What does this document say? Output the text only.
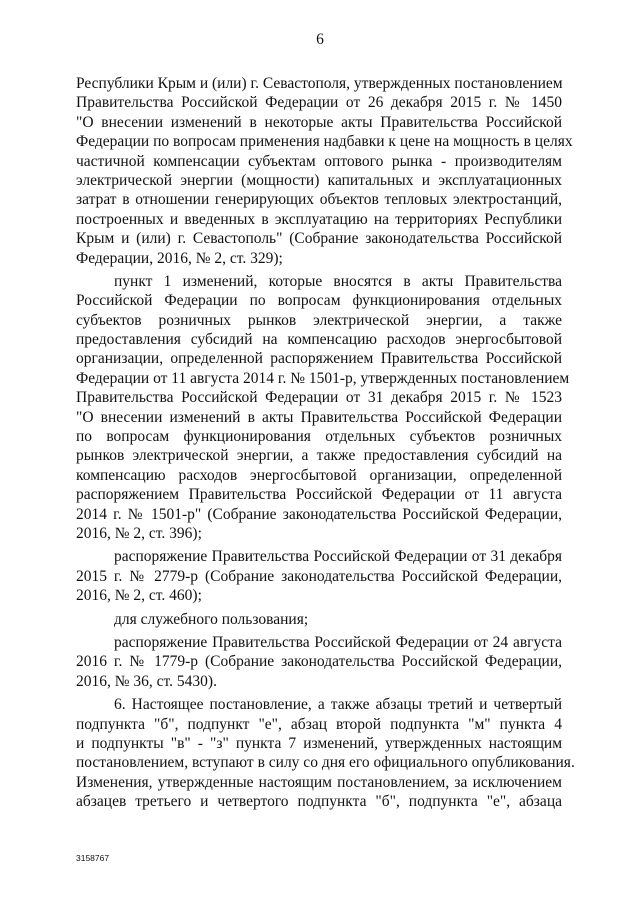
6
Республики Крым и (или) г. Севастополя, утвержденных постановлением
Правительства Российской Федерации от 26 декабря 2015 г. № 1450
"О внесении изменений в некоторые акты Правительства Российской
Федерации по вопросам применения надбавки к цене на мощность в целях
частичной компенсации субъектам оптового рынка - производителям
электрической энергии (мощности) капитальных и эксплуатационных
затрат в отношении генерирующих объектов тепловых электростанций,
построенных и введенных в эксплуатацию на территориях Республики
Крым и (или) г. Севастополь" (Собрание законодательства Российской
Федерации, 2016, № 2, ст. 329);
пункт 1 изменений, которые вносятся в акты Правительства
Российской Федерации по вопросам функционирования отдельных
субъектов розничных рынков электрической энергии, а также
предоставления субсидий на компенсацию расходов энергосбытовой
организации, определенной распоряжением Правительства Российской
Федерации от 11 августа 2014 г. № 1501-р, утвержденных постановлением
Правительства Российской Федерации от 31 декабря 2015 г. № 1523
"О внесении изменений в акты Правительства Российской Федерации
по вопросам функционирования отдельных субъектов розничных
рынков электрической энергии, а также предоставления субсидий на
компенсацию расходов энергосбытовой организации, определенной
распоряжением Правительства Российской Федерации от 11 августа
2014 г. № 1501-р" (Собрание законодательства Российской Федерации,
2016, № 2, ст. 396);
распоряжение Правительства Российской Федерации от 31 декабря
2015 г. № 2779-р (Собрание законодательства Российской Федерации,
2016, № 2, ст. 460);
для служебного пользования;
распоряжение Правительства Российской Федерации от 24 августа
2016 г. № 1779-р (Собрание законодательства Российской Федерации,
2016, № 36, ст. 5430).
6. Настоящее постановление, а также абзацы третий и четвертый
подпункта "б", подпункт "е", абзац второй подпункта "м" пункта 4
и подпункты "в" - "з" пункта 7 изменений, утвержденных настоящим
постановлением, вступают в силу со дня его официального опубликования.
Изменения, утвержденные настоящим постановлением, за исключением
абзацев третьего и четвертого подпункта "б", подпункта "е", абзаца
3158767
